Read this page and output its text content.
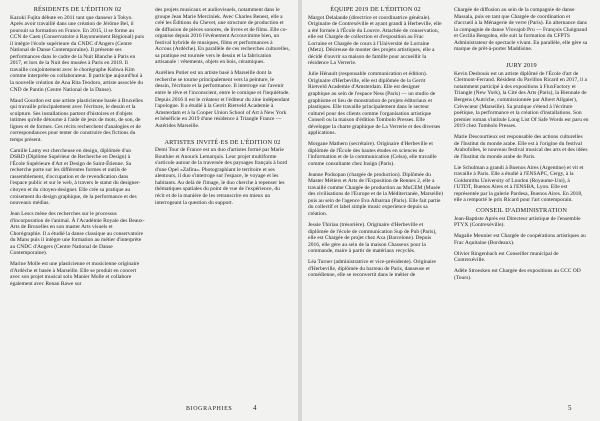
RÉSIDENTS DE L'ÉDITION 02

Kazuki Fujita débute en 2011 tant que danseur à Tokyo. Après avoir travaillé dans une création de Jérôme Bel, il poursuit sa formation en France. En 2015, il se forme au CCN de Caen (Conservatoire à Rayonnement Régional) puis il intègre l'école supérieure du CNDC d'Angers (Centre National de Danse Contemporaine). Il présente ses performances dans le cadre de la Nuit Blanche à Paris en 2017, et lors de la Nuit des musées à Paris en 2018. Il travaille conjointement avec le chorégraphe Kohwa Kim comme interprète ou collaborateur. Il participe aujourd'hui à la nouvelle création de Ana Rita Teodoro, artiste associée du CND de Pantin (Centre National de la Danse).

Maud Gourdon est une artiste plasticienne basée à Bruxelles qui travaille principalement avec l'écriture, le dessin et la sculpture. Ses installations partent d'histoires et d'objets intimes qu'elle détourne à l'aide de jeux de mots, de son, de lignes et de formes. Ces récits recherchent d'analogies et de correspondances pour tenter de construire des fictions du temps présent.

Camille Lamy est chercheuse en design, diplômée d'un DSRD (Diplôme Supérieur de Recherche en Design) à l'École Supérieure d'Art et Design de Saint-Étienne. Sa recherche porte sur les différentes formes et outils de rassemblement, d'occupation et de revendication dans l'espace public et sur le web, à travers le statut du designer-citoyen et du citoyen-designer. Elle crée sa pratique au croisement du design graphique, de la performance et des nouveaux médias.

Jean Lescs mène des recherches sur le processus d'incorporation de l'animal. À l'Académie Royale des Beaux-Arts de Bruxelles en son master Arts visuels et Chorégraphie. Il a étudié la danse classique au conservatoire du Mans puis il intègre une formation au métier d'interprète au CNDC d'Angers (Centre National de Danse Contemporaine).

Marine Molle est une plasticienne et musicienne originaire d'Ardèche et basée à Marseille. Elle se produit en concert avec son projet musical solo Manier Molle et collabore également avec Renan Rawe sur

des projets musicaux et audiovisuels, notamment dans le groupe Jean Marie Merciniek. Avec Charles Benest, elle a créé les Éditions du Chevet, une structure de production et de diffusion de pièces sonores, de livres et de films. Elle co-organise depuis 2016 l'événement Accouvimme bien, un festival hybride de musiques, films et performances à Accous (Ardèche). En parallèle de ces recherches culturelles, sa pratique est tournée vers le dessin et la fabrication artisanale : vêtements, objets en bois, céramiques.

Aurélien Potier est un artiste basé à Marseille dont la recherche se tourne principalement vers la peinture, le dessin, l'écriture et la performance. Il interroge sur l'avenir entre le rêve et l'inconscient, entre le comique et l'inquiétude. Depuis 2016 il est le créateur et l'éditeur du zine indépendant l'apologue. Il a étudié à la Gerrit Rietveld Academie à Amsterdam et à la Cooper Union School of Art à New York et bénéficie en 2019 d'une résidence à Triangle France — Astérides Marseille.

ARTISTES INVITÉ·ES DE L'ÉDITION 02

Demi Tour de France est un duo d'artistes formé par Marie Bouthier et Anouck Lemarquis. Leur projet multiforme s'articule autour de la traversée des paysages français à bord d'une Opel «Zafira». Photographiant le territoire et ses alentours, il duo s'interroge sur l'espace, le voyage et les habitants. Au delà de l'image, le duo cherche à repenser les thématiques spatiales du point de vue de l'expérience, du récit et de la manière de les retranscrire en mieux un interrogeant la question du support.

BIOGRAPHIES	4
ÉQUIPE 2019 DE L'ÉDITION 02

Margot Delalande (directrice et coordinatrice générale). Originaire de Contrexéville et ayant grandi à Herbeville, elle a été formée à l'École du Louvre. Attachée de conservation, elle est Chargée de collection et d'exposition au Frac Lorraine et Chargée de cours à l'Université de Lorraine (Metz). Désireuse de monter des projets artistiques, elle a décidé d'ouvrir sa maison de famille pour accueillir la résidence La Verrerie.

Julie Hénault (responsable communication et édition). Originaire d'Herbeville, elle est diplômée de la Gerrit Rietveld Academie d'Amsterdam. Elle est designer graphique au sein de l'espace Ness (Paris) — un studio de graphisme et lieu de monstration de projets éditoriaux et plastiques. Elle travaille principalement dans le secteur culturel pour des clients comme l'organisation artistique Conseil ou la maison d'édition Tombolo Presses. Elle développe la charte graphique de La Verrerie et des diverses applications.

Morgane Mathern (secrétaire). Originaire d'Herbeville et diplômée de l'École des hautes études en sciences de l'information et de la communication (Celsa), elle travaille comme consultante chez Insign (Paris).

Jeanne Podsopan (chargée de production). Diplômée du Master Métiers et Arts de l'Exposition de Rennes 2, elle a travaillé comme Chargée de production au MuCEM (Musée des civilisations de l'Europe et de la Méditerranée, Marseille) puis au sein de l'agence Eva Albarran (Paris). Elle fait partie du collectif et label simple music experience depuis sa création.

Jessie Thiriau (trésorière). Originaire d'Herbeville et diplômée de l'école de communication Sup de Pub (Paris), elle est Chargée de projet chez Axa (Barcelone). Depuis 2016, elle gère au sein de la maison Chasseux pour la commande, maire à partir de matériaux recyclés.

Léa Turner (administratrice et vice-présidente). Originaire d'Herbeville, diplômée du barreau de Paris, danseuse et comédienne, elle se reconvertit dans le métier de

Chargée de diffusion au sein de la compagnie de danse Massala, puis en tant que Chargée de coordination et d'accueil à la Ménagerie de verre (Paris). En alternance dans la compagnie de danse Vlovajob Pru — François Chaignaud et Cecilia Bengolea, elle suit la formation du CFPTS Administrateur de spectacle vivant. En parallèle, elle gère sa marque de prêt-à-porter Maddisine.

JURY 2019

Kevin Desbouis est un artiste diplômé de l'École d'art de Clermont-Ferrand. Résident du Pavillon Ricard en 2017, il a notamment participé à des expositions à FluxFactory et Triangle (New York), la Cité des Arts (Paris), la Biennale de Bergens (Autriche, commissionnée par Albert Allgaier), Crèvecœur (Marseille). Sa pratique s'étend à l'écriture poétique, la performance et la création d'installations. Son premier roman s'intitule Long List Of Safe Words est paru en 2019 chez Tombolo Presses.

Marie Descourtieux est responsable des actions culturelles de l'Institut du monde arabe. Elle est à l'origine du festival Arabofolies, le nouveau festival musical des arts et des idées de l'Institut du monde arabe de Paris.

Lie Schulman a grandi à Buenos Aires (Argentine) et vit et travaille à Paris. Elle a étudié à l'ENSAPC, Cergy, à la Goldsmiths University of London (Royaume-Uni), à l'UTDT, Buenos Aires et à l'ENSBA, Lyon. Elle est représentée par la galerie Pardesa, Buenos Aires. En 2018, elle a remporté le prix Ricard pour l'art contemporain.

CONSEIL D'ADMINISTRATION

Jean-Baptiste Après est Directeur artistique de l'ensemble PTYX (Contrexéville).

Magalie Meunier est Chargée de coopérations artistiques au Frac Aquitaine (Bordeaux).

Olivier Ringenbach est Conseiller municipal de Contrexéville.

Adèle Stroesken est Chargée des expositions au CCC OD (Tours).

5
